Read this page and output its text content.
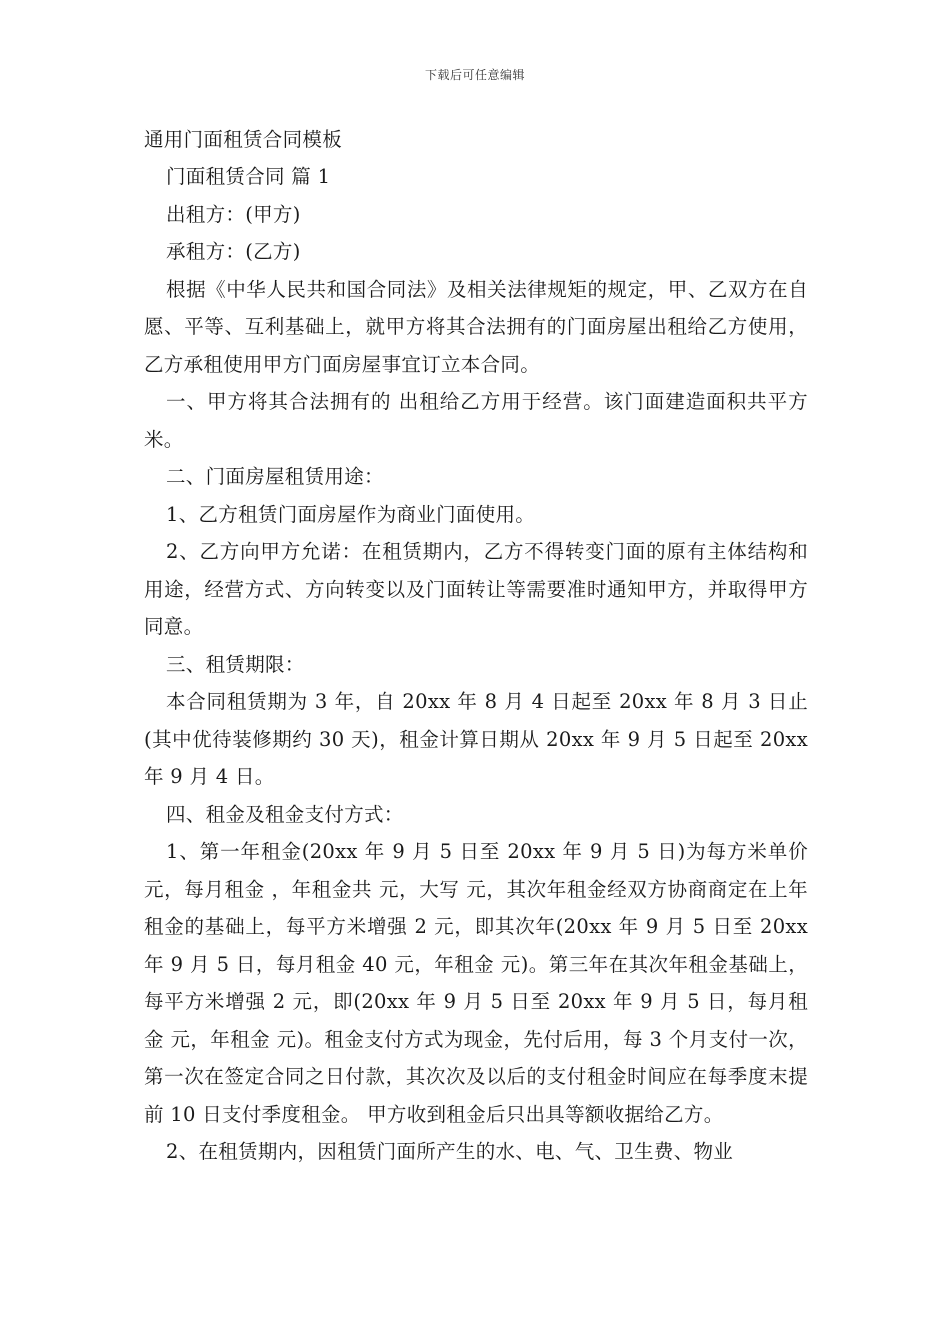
下载后可任意编辑

通用门面租赁合同模板

门面租赁合同 篇 1

出租方：(甲方)

承租方：(乙方)

根据《中华人民共和国合同法》及相关法律规矩的规定，甲、乙双方在自愿、平等、互利基础上，就甲方将其合法拥有的门面房屋出租给乙方使用，乙方承租使用甲方门面房屋事宜订立本合同。

一、甲方将其合法拥有的 出租给乙方用于经营。该门面建造面积共平方米。

二、门面房屋租赁用途：

1、乙方租赁门面房屋作为商业门面使用。

2、乙方向甲方允诺：在租赁期内，乙方不得转变门面的原有主体结构和用途，经营方式、方向转变以及门面转让等需要准时通知甲方，并取得甲方同意。

三、租赁期限：

本合同租赁期为 3 年，自 20xx 年 8 月 4 日起至 20xx 年 8 月 3 日止(其中优待装修期约 30 天)，租金计算日期从 20xx 年 9 月 5 日起至 20xx 年 9 月 4 日。

四、租金及租金支付方式：

1、第一年租金(20xx 年 9 月 5 日至 20xx 年 9 月 5 日)为每方米单价 元，每月租金 ，年租金共 元，大写 元，其次年租金经双方协商商定在上年租金的基础上，每平方米增强 2 元，即其次年(20xx 年 9 月 5 日至 20xx 年 9 月 5 日，每月租金 40 元，年租金 元)。第三年在其次年租金基础上，每平方米增强 2 元，即(20xx 年 9 月 5 日至 20xx 年 9 月 5 日，每月租金 元，年租金 元)。租金支付方式为现金，先付后用，每 3 个月支付一次，第一次在签定合同之日付款，其次次及以后的支付租金时间应在每季度末提前 10 日支付季度租金。 甲方收到租金后只出具等额收据给乙方。

2、在租赁期内，因租赁门面所产生的水、电、气、卫生费、物业
